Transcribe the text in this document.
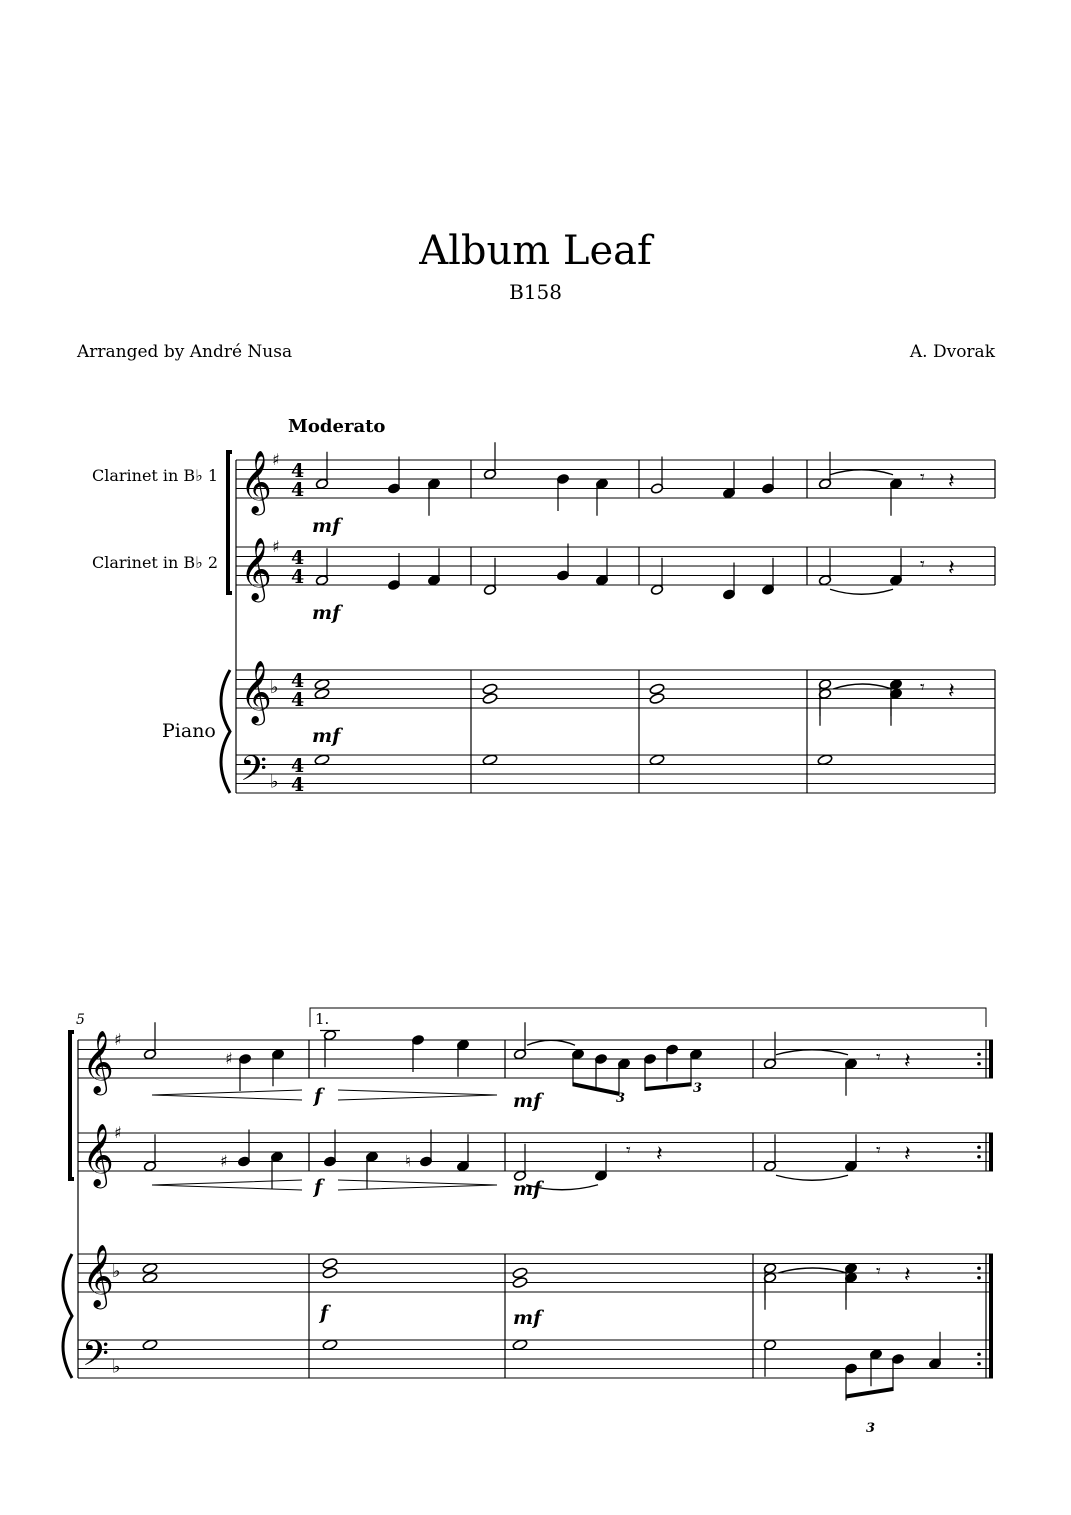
Album Leaf
B158
Arranged by André Nusa	A. Dvorak
Moderato
Clarinet in B♭ 1
Clarinet in B♭ 2
Piano
5	1.
𝄞 ♯
𝄞 ♯
𝄞
♭
𝄢 ♭
𝄾 𝄽
𝄾 𝄽
𝄾 𝄽
𝄞 ♯
𝄞 ♯
𝄞
♭
𝄢 ♭
♯	𝄾 𝄽
♯	♮	𝄾 𝄽	𝄾 𝄽
𝄾 𝄽
4
4
4
4
4
4
4
4
mf
mf
mf
3
3
f	mf
f	mf
f	mf
3
